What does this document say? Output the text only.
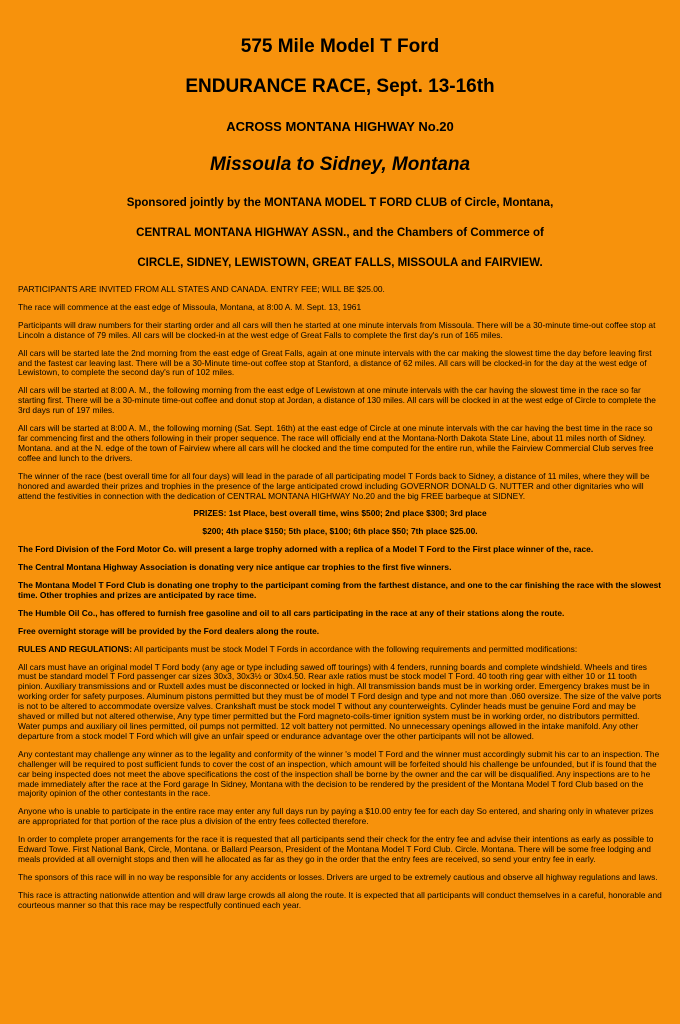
575 Mile Model T Ford

ENDURANCE RACE, Sept. 13-16th

ACROSS MONTANA HIGHWAY No.20

Missoula to Sidney, Montana

Sponsored jointly by the MONTANA MODEL T FORD CLUB of Circle, Montana,

CENTRAL MONTANA HIGHWAY ASSN., and the Chambers of Commerce of

CIRCLE, SIDNEY, LEWISTOWN, GREAT FALLS, MISSOULA and FAIRVIEW.

PARTICIPANTS ARE INVITED FROM ALL STATES AND CANADA. ENTRY FEE; WILL BE $25.00.

The race will commence at the east edge of Missoula, Montana, at 8:00 A. M. Sept. 13, 1961

Participants will draw numbers for their starting order and all cars will then he started at one minute intervals from Missoula. There will be a 30-minute time-out coffee stop at Lincoln a distance of 79 miles. All cars will be clocked-in at the west edge of Great Falls to complete the first day's run of 165 miles.

All cars will be started late the 2nd morning from the east edge of Great Falls, again at one minute intervals with the car making the slowest time the day before leaving first and the fastest car leaving last. There will be a 30-Minute time-out coffee stop at Stanford, a distance of 62 miles. All cars will be clocked-in for the day at the west edge of Lewistown, to complete the second day's run of 102 miles.

All cars will be started at 8:00 A. M., the following morning from the east edge of Lewistown at one minute intervals with the car having the slowest time in the race so far starting first. There will be a 30-minute time-out coffee and donut stop at Jordan, a distance of 130 miles. All cars will be clocked in at the west edge of Circle to complete the 3rd days run of 197 miles.

All cars will be started at 8:00 A. M., the following morning (Sat. Sept. 16th) at the east edge of Circle at one minute intervals with the car having the best time in the race so far commencing first and the others following in their proper sequence. The race will officially end at the Montana-North Dakota State Line, about 11 miles north of Sidney. Montana. and at the N. edge of the town of Fairview where all cars will he clocked and the time computed for the entire run, while the Fairview Commercial Club serves free coffee and lunch to the drivers.

The winner of the race (best overall time for all four days) will lead in the parade of all participating model T Fords back to Sidney, a distance of 11 miles, where they will be honored and awarded their prizes and trophies in the presence of the large anticipated crowd including GOVERNOR DONALD G. NUTTER and other dignitaries who will attend the festivities in connection with the dedication of CENTRAL MONTANA HIGHWAY No.20 and the big FREE barbeque at SIDNEY.

PRIZES: 1st Place, best overall time, wins $500; 2nd place $300; 3rd place

$200; 4th place $150; 5th place, $100; 6th place $50; 7th place $25.00.

The Ford Division of the Ford Motor Co. will present a large trophy adorned with a replica of a Model T Ford to the First place winner of the, race.

The Central Montana Highway Association is donating very nice antique car trophies to the first five winners.

The Montana Model T Ford Club is donating one trophy to the participant coming from the farthest distance, and one to the car finishing the race with the slowest time. Other trophies and prizes are anticipated by race time.

The Humble Oil Co., has offered to furnish free gasoline and oil to all cars participating in the race at any of their stations along the route.

Free overnight storage will be provided by the Ford dealers along the route.

RULES AND REGULATIONS: All participants must be stock Model T Fords in accordance with the following requirements and permitted modifications:

All cars must have an original model T Ford body (any age or type including sawed off tourings) with 4 fenders, running boards and complete windshield. Wheels and tires must be standard model T Ford passenger car sizes 30x3, 30x3½ or 30x4.50. Rear axle ratios must be stock model T Ford. 40 tooth ring gear with either 10 or 11 tooth pinion. Auxiliary transmissions and or Ruxtell axles must be disconnected or locked in high. All transmission bands must be in working order. Emergency brakes must be in working order for safety purposes. Aluminum pistons permitted but they must be of model T Ford design and type and not more than .060 oversize. The size of the valve ports is not to be altered to accommodate oversize valves. Crankshaft must be stock model T without any counterweights. Cylinder heads must be genuine Ford and may be shaved or milled but not altered otherwise, Any type timer permitted but the Ford magneto-coils-timer ignition system must be in working order, no distributors permitted. Water pumps and auxiliary oil lines permitted, oil pumps not permitted. 12 volt battery not permitted. No unnecessary openings allowed in the intake manifold. Any other departure from a stock model T Ford which will give an unfair speed or endurance advantage over the other participants will not be allowed.

Any contestant may challenge any winner as to the legality and conformity of the winner 's model T Ford and the winner must accordingly submit his car to an inspection. The challenger will be required to post sufficient funds to cover the cost of an inspection, which amount will be forfeited should his challenge be unfounded, but if is found that the car being inspected does not meet the above specifications the cost of the inspection shall be borne by the owner and the car will be disqualified. Any inspections are to he made immediately after the race at the Ford garage In Sidney, Montana with the decision to be rendered by the president of the Montana Model T ford Club based on the majority opinion of the other contestants in the race.

Anyone who is unable to participate in the entire race may enter any full days run by paying a $10.00 entry fee for each day So entered, and sharing only in whatever prizes are appropriated for that portion of the race plus a division of the entry fees collected therefore.

In order to complete proper arrangements for the race it is requested that all participants send their check for the entry fee and advise their intentions as early as possible to Edward Towe. First National Bank, Circle, Montana. or Ballard Pearson, President of the Montana Model T Ford Club. Circle. Montana. There will be some free lodging and meals provided at all overnight stops and then will he allocated as far as they go in the order that the entry fees are received, so send your entry fee in early.

The sponsors of this race will in no way be responsible for any accidents or losses. Drivers are urged to be extremely cautious and observe all highway regulations and laws.

This race is attracting nationwide attention and will draw large crowds all along the route. It is expected that all participants will conduct themselves in a careful, honorable and courteous manner so that this race may be respectfully continued each year.
